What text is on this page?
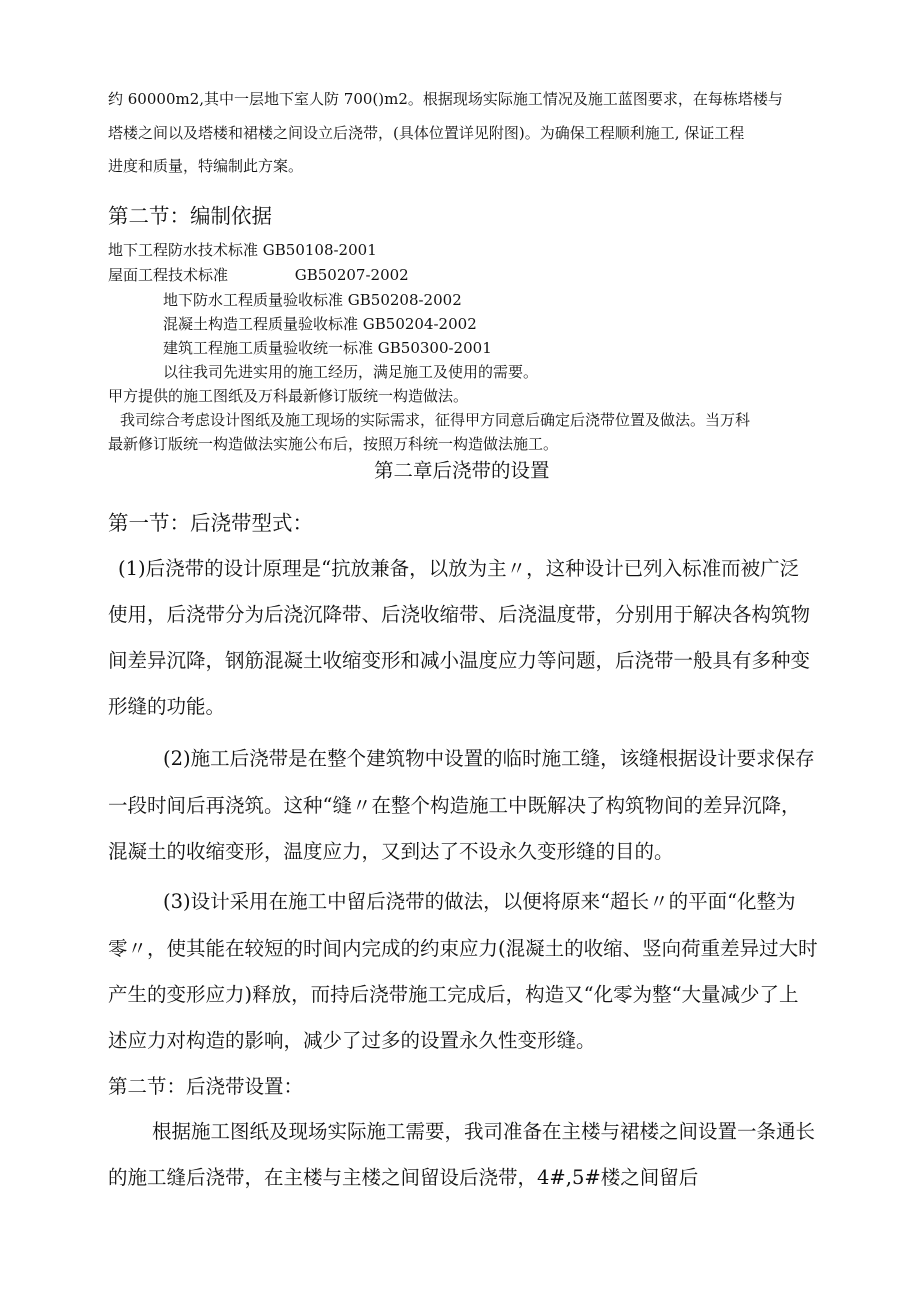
约 60000m2,其中一层地下室人防 700()m2。根据现场实际施工情况及施工蓝图要求，在每栋塔楼与
塔楼之间以及塔楼和裙楼之间设立后浇带，(具体位置详见附图)。为确保工程顺利施工, 保证工程
进度和质量，特编制此方案。
第二节：编制依据
地下工程防水技术标准 GB50108-2001
屋面工程技术标准              GB50207-2002
地下防水工程质量验收标准 GB50208-2002
混凝土构造工程质量验收标准 GB50204-2002
建筑工程施工质量验收统一标准 GB50300-2001
以往我司先进实用的施工经历，满足施工及使用的需要。
甲方提供的施工图纸及万科最新修订版统一构造做法。
我司综合考虑设计图纸及施工现场的实际需求，征得甲方同意后确定后浇带位置及做法。当万科
最新修订版统一构造做法实施公布后，按照万科统一构造做法施工。
第二章后浇带的设置
第一节：后浇带型式：
(1)后浇带的设计原理是“抗放兼备，以放为主〃，这种设计已列入标准而被广泛
使用，后浇带分为后浇沉降带、后浇收缩带、后浇温度带，分别用于解决各构筑物
间差异沉降，钢筋混凝土收缩变形和减小温度应力等问题，后浇带一般具有多种变
形缝的功能。
(2)施工后浇带是在整个建筑物中设置的临时施工缝，该缝根据设计要求保存
一段时间后再浇筑。这种“缝〃在整个构造施工中既解决了构筑物间的差异沉降，
混凝土的收缩变形，温度应力，又到达了不设永久变形缝的目的。
(3)设计采用在施工中留后浇带的做法，以便将原来“超长〃的平面“化整为
零〃，使其能在较短的时间内完成的约束应力(混凝土的收缩、竖向荷重差异过大时
产生的变形应力)释放，而持后浇带施工完成后，构造又“化零为整“大量减少了上
述应力对构造的影响，减少了过多的设置永久性变形缝。
第二节：后浇带设置：
根据施工图纸及现场实际施工需要，我司准备在主楼与裙楼之间设置一条通长
的施工缝后浇带，在主楼与主楼之间留设后浇带，4#,5#楼之间留后
